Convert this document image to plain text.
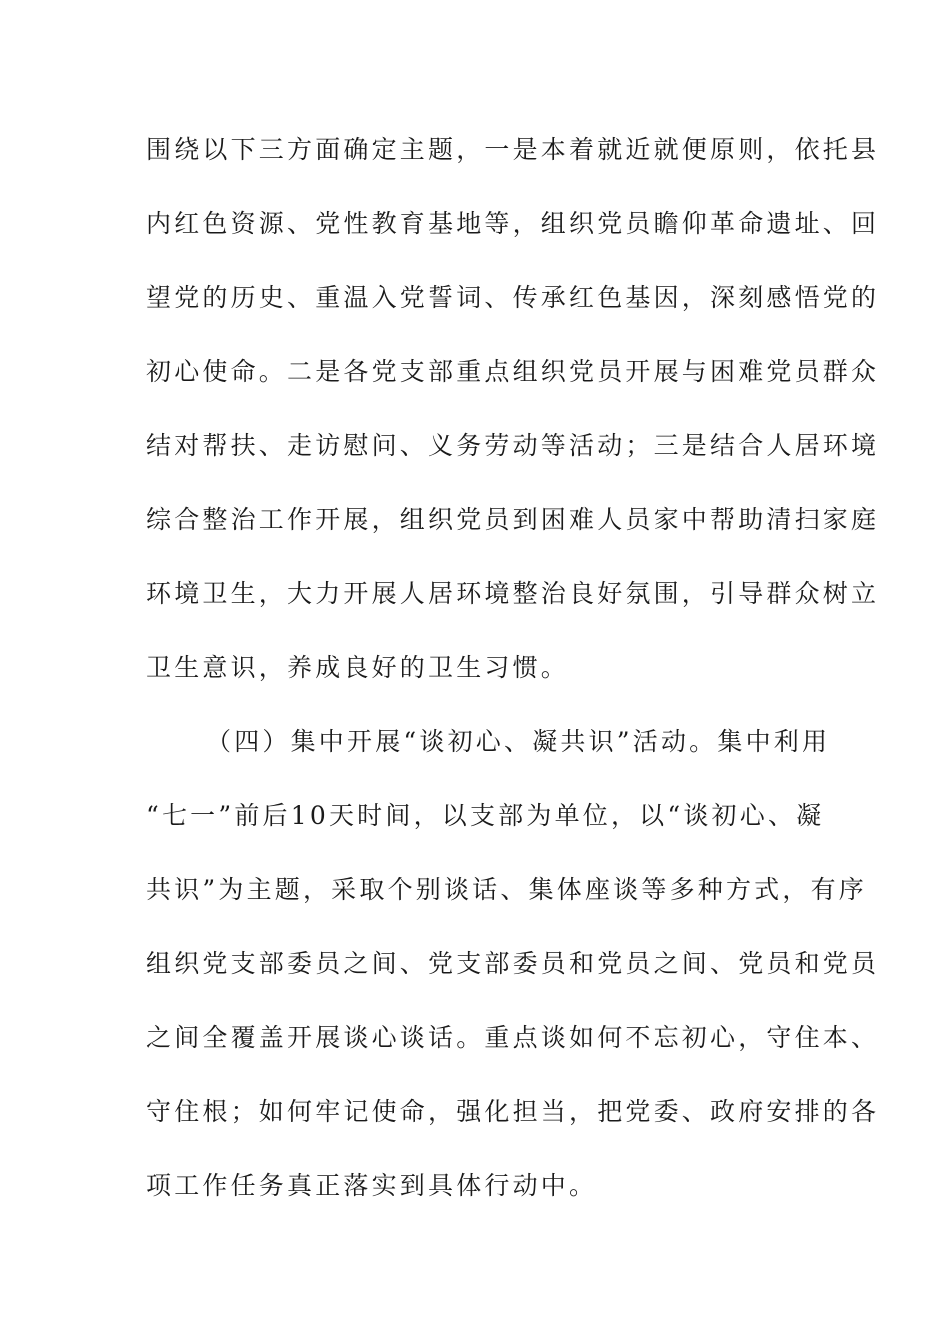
围绕以下三方面确定主题，一是本着就近就便原则，依托县
内红色资源、党性教育基地等，组织党员瞻仰革命遗址、回
望党的历史、重温入党誓词、传承红色基因，深刻感悟党的
初心使命。二是各党支部重点组织党员开展与困难党员群众
结对帮扶、走访慰问、义务劳动等活动；三是结合人居环境
综合整治工作开展，组织党员到困难人员家中帮助清扫家庭
环境卫生，大力开展人居环境整治良好氛围，引导群众树立
卫生意识，养成良好的卫生习惯。
（四）集中开展“谈初心、凝共识”活动。集中利用
“七一”前后10天时间，以支部为单位，以“谈初心、凝
共识”为主题，采取个别谈话、集体座谈等多种方式，有序
组织党支部委员之间、党支部委员和党员之间、党员和党员
之间全覆盖开展谈心谈话。重点谈如何不忘初心，守住本、
守住根；如何牢记使命，强化担当，把党委、政府安排的各
项工作任务真正落实到具体行动中。
